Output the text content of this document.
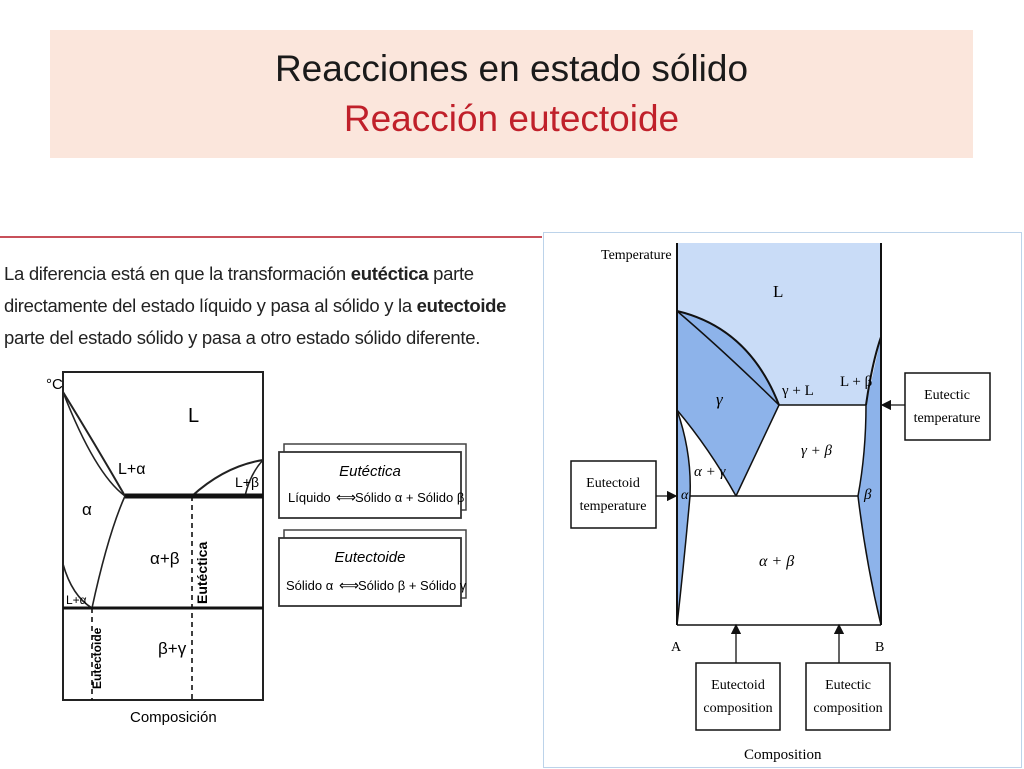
Reacciones en estado sólido
Reacción eutectoide
La diferencia está en que la transformación eutéctica parte directamente del estado líquido y pasa al sólido y la eutectoide parte del estado sólido y pasa a otro estado sólido diferente.
°C
L
L+α
L+β
α
α+β
L+α
β+γ
Eutéctica
Eutectoide
Composición
Eutéctica
Líquido ⟺
Sólido α + Sólido β
Eutectoide
Sólido α ⟺
Sólido β + Sólido γ
Temperature
L
γ	γ + L
L + β
γ + β
α + γ
α	β
α + β
A	B
Composition
Eutectic
temperature
Eutectoid
temperature
Eutectoid
composition
Eutectic
composition
